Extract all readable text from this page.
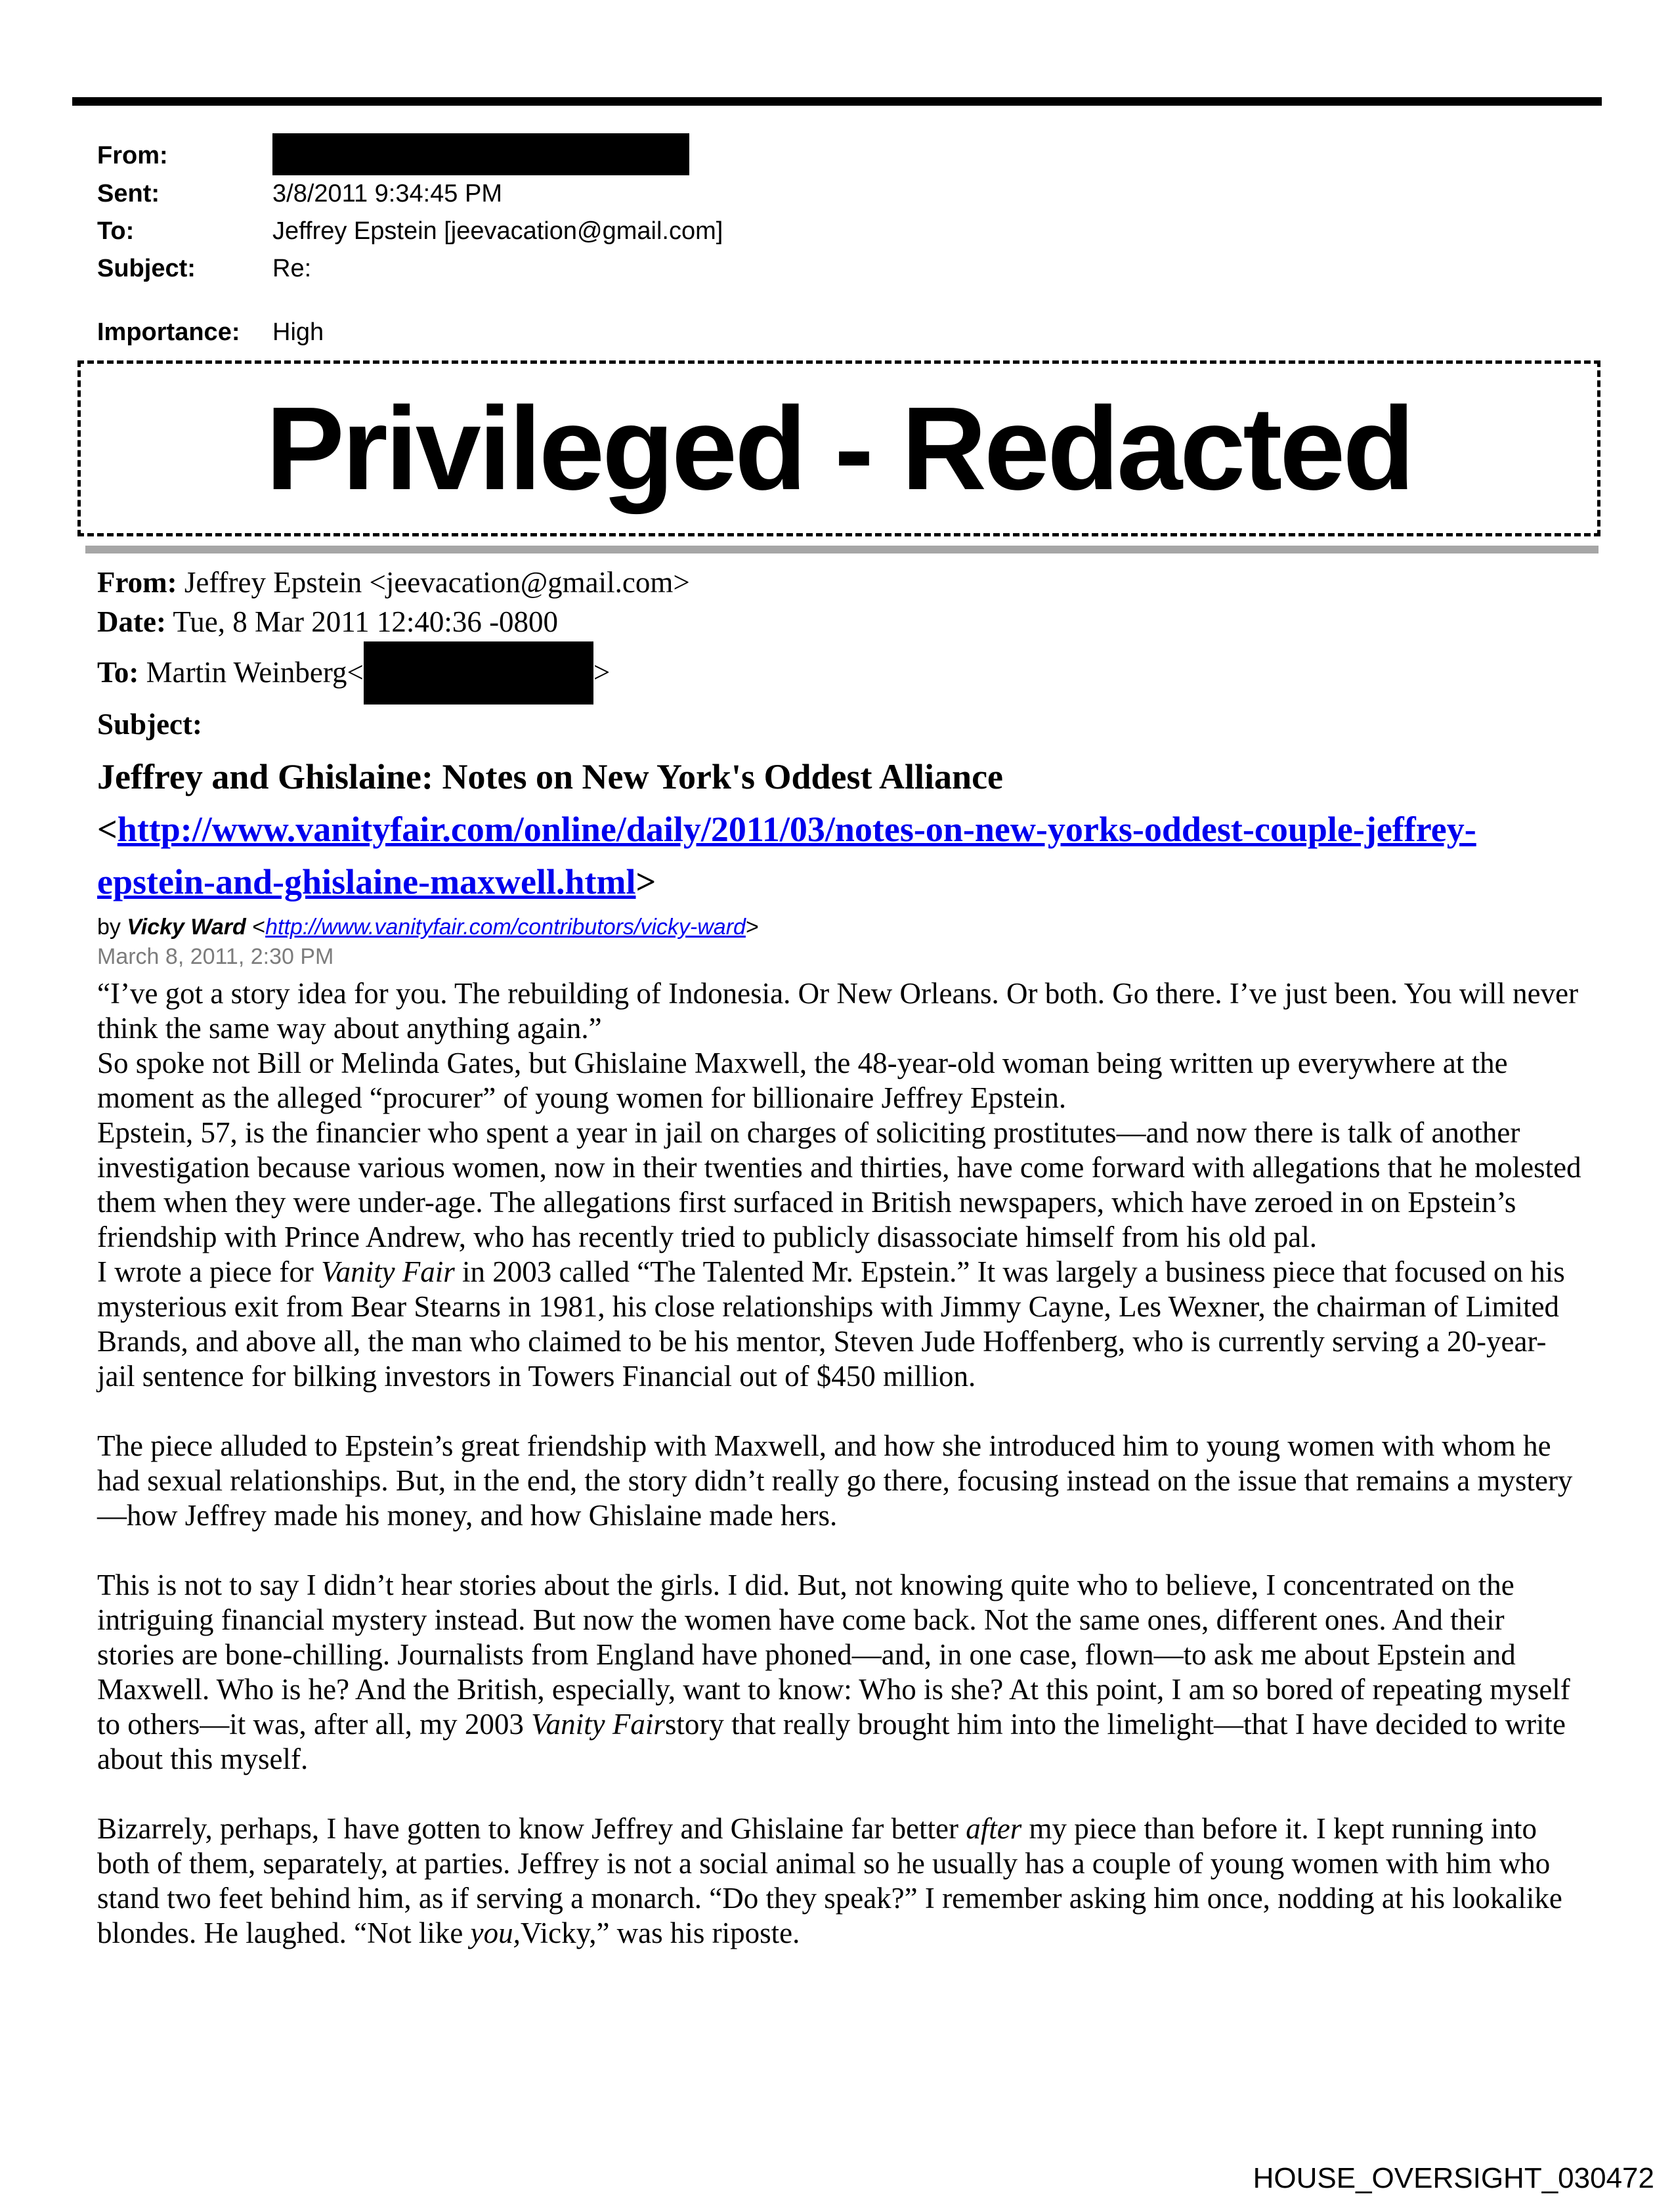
From:
Sent:	3/8/2011 9:34:45 PM
To:	Jeffrey Epstein [jeevacation@gmail.com]
Subject:	Re:
Importance: High
Privileged - Redacted
From: Jeffrey Epstein <jeevacation@gmail.com>
Date: Tue, 8 Mar 2011 12:40:36 -0800
To: Martin Weinberg<	>
Subject:
Jeffrey and Ghislaine: Notes on New York's Oddest Alliance <http://www.vanityfair.com/online/daily/2011/03/notes-on-new-yorks-oddest-couple-jeffrey-epstein-and-ghislaine-maxwell.html>
by Vicky Ward <http://www.vanityfair.com/contributors/vicky-ward>
March 8, 2011, 2:30 PM

“I’ve got a story idea for you. The rebuilding of Indonesia. Or New Orleans. Or both. Go there. I’ve just been. You will never think the same way about anything again.”

So spoke not Bill or Melinda Gates, but Ghislaine Maxwell, the 48-year-old woman being written up everywhere at the moment as the alleged “procurer” of young women for billionaire Jeffrey Epstein.

Epstein, 57, is the financier who spent a year in jail on charges of soliciting prostitutes—and now there is talk of another investigation because various women, now in their twenties and thirties, have come forward with allegations that he molested them when they were under-age. The allegations first surfaced in British newspapers, which have zeroed in on Epstein’s friendship with Prince Andrew, who has recently tried to publicly disassociate himself from his old pal.

I wrote a piece for Vanity Fair in 2003 called “The Talented Mr. Epstein.” It was largely a business piece that focused on his mysterious exit from Bear Stearns in 1981, his close relationships with Jimmy Cayne, Les Wexner, the chairman of Limited Brands, and above all, the man who claimed to be his mentor, Steven Jude Hoffenberg, who is currently serving a 20-year-jail sentence for bilking investors in Towers Financial out of $450 million.

The piece alluded to Epstein’s great friendship with Maxwell, and how she introduced him to young women with whom he had sexual relationships. But, in the end, the story didn’t really go there, focusing instead on the issue that remains a mystery—how Jeffrey made his money, and how Ghislaine made hers.

This is not to say I didn’t hear stories about the girls. I did. But, not knowing quite who to believe, I concentrated on the intriguing financial mystery instead. But now the women have come back. Not the same ones, different ones. And their stories are bone-chilling. Journalists from England have phoned—and, in one case, flown—to ask me about Epstein and Maxwell. Who is he? And the British, especially, want to know: Who is she? At this point, I am so bored of repeating myself to others—it was, after all, my 2003 Vanity Fairstory that really brought him into the limelight—that I have decided to write about this myself.

Bizarrely, perhaps, I have gotten to know Jeffrey and Ghislaine far better after my piece than before it. I kept running into both of them, separately, at parties. Jeffrey is not a social animal so he usually has a couple of young women with him who stand two feet behind him, as if serving a monarch. “Do they speak?” I remember asking him once, nodding at his lookalike blondes. He laughed. “Not like you,Vicky,” was his riposte.

HOUSE_OVERSIGHT_030472
